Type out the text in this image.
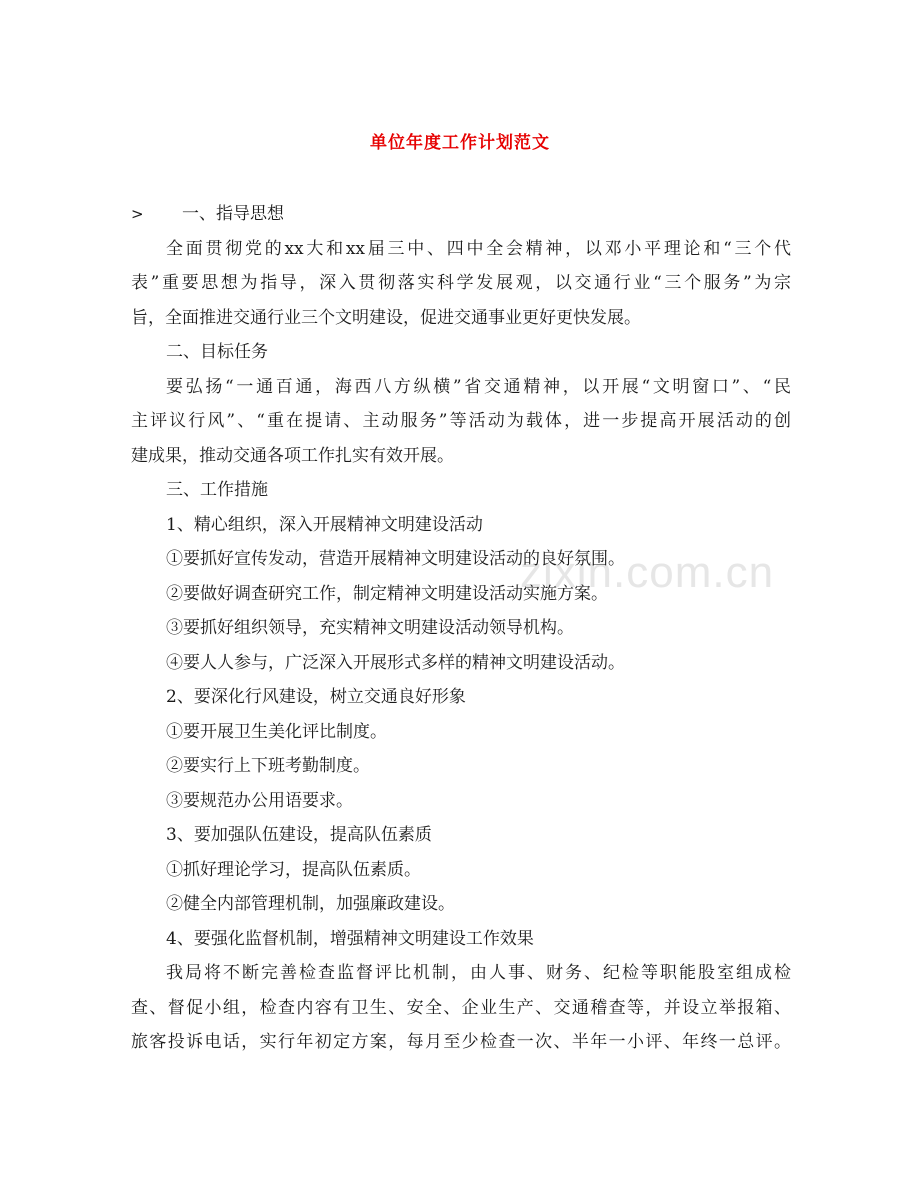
单位年度工作计划范文
zixin.com.cn

>	一、指导思想

全面贯彻党的xx大和xx届三中、四中全会精神，以邓小平理论和“三个代

表”重要思想为指导，深入贯彻落实科学发展观，以交通行业“三个服务”为宗

旨，全面推进交通行业三个文明建设，促进交通事业更好更快发展。

二、目标任务

要弘扬“一通百通，海西八方纵横”省交通精神，以开展“文明窗口”、“民

主评议行风”、“重在提请、主动服务”等活动为载体，进一步提高开展活动的创

建成果，推动交通各项工作扎实有效开展。

三、工作措施

1、精心组织，深入开展精神文明建设活动

①要抓好宣传发动，营造开展精神文明建设活动的良好氛围。

②要做好调查研究工作，制定精神文明建设活动实施方案。

③要抓好组织领导，充实精神文明建设活动领导机构。

④要人人参与，广泛深入开展形式多样的精神文明建设活动。

2、要深化行风建设，树立交通良好形象

①要开展卫生美化评比制度。

②要实行上下班考勤制度。

③要规范办公用语要求。

3、要加强队伍建设，提高队伍素质

①抓好理论学习，提高队伍素质。

②健全内部管理机制，加强廉政建设。

4、要强化监督机制，增强精神文明建设工作效果

我局将不断完善检查监督评比机制，由人事、财务、纪检等职能股室组成检

查、督促小组，检查内容有卫生、安全、企业生产、交通稽查等，并设立举报箱、

旅客投诉电话，实行年初定方案，每月至少检查一次、半年一小评、年终一总评。
